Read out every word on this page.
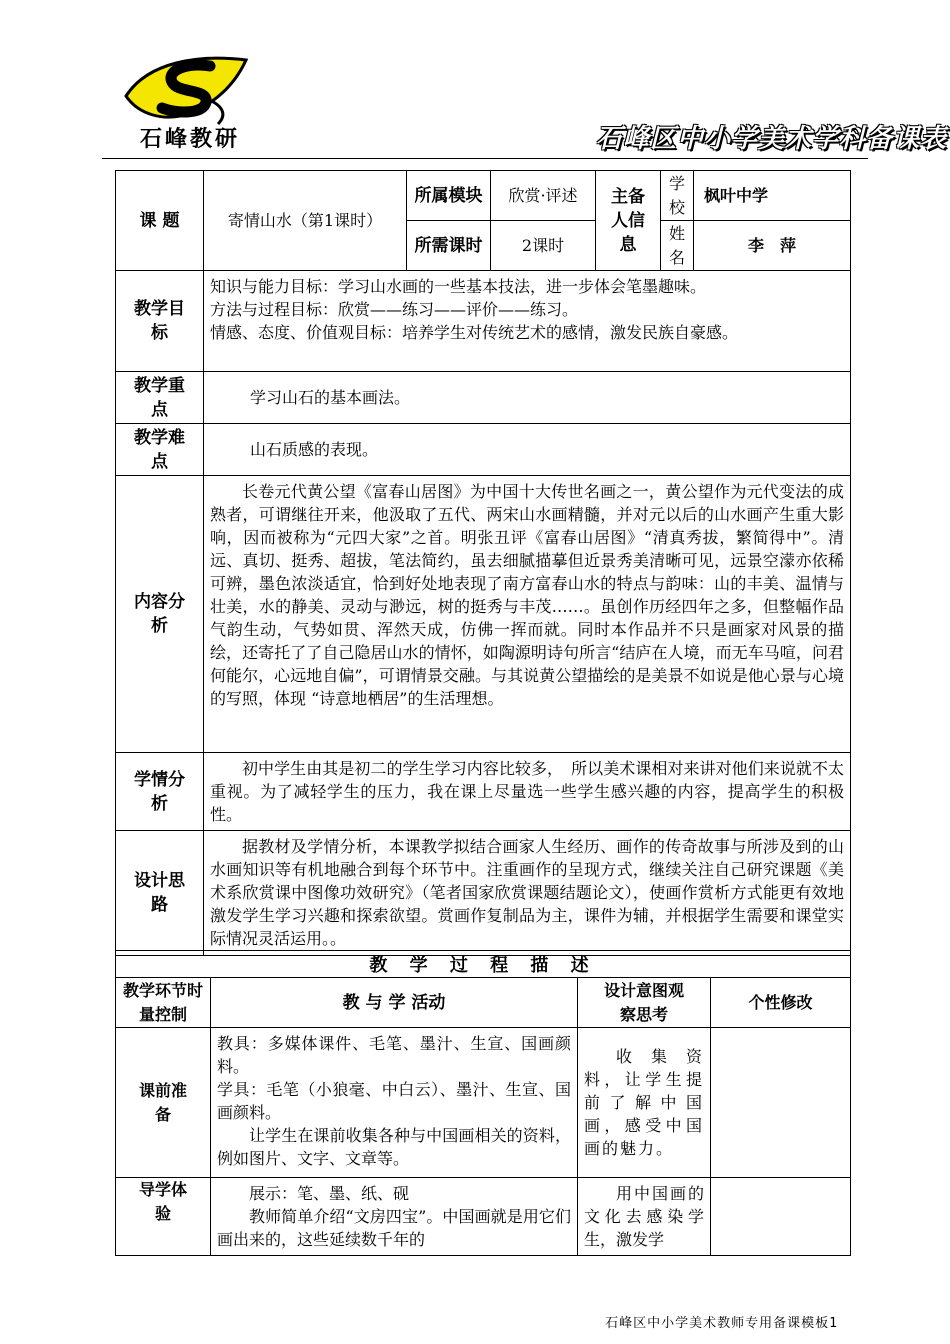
石峰教研	石峰区中小学美术学科备课表
课 题	寄情山水（第1课时）	所属模块	欣赏·评述	主备人信息	学校	枫叶中学
		所需课时	2课时		姓名	李　萍
教学目标	知识与能力目标：学习山水画的一些基本技法，进一步体会笔墨趣味。

方法与过程目标：欣赏——练习——评价——练习。

情感、态度、价值观目标：培养学生对传统艺术的感情，激发民族自豪感。					

教学重点	学习山石的基本画法。					
教学难点	山石质感的表现。					
内容分析	长卷元代黄公望《富春山居图》为中国十大传世名画之一，黄公望作为元代变法的成熟者，可谓继往开来，他汲取了五代、两宋山水画精髓，并对元以后的山水画产生重大影响，因而被称为“元四大家”之首。明张丑评《富春山居图》“清真秀拔，繁简得中”。清远、真切、挺秀、超拔，笔法简约，虽去细腻描摹但近景秀美清晰可见，远景空濛亦依稀可辨，墨色浓淡适宜，恰到好处地表现了南方富春山水的特点与韵味：山的丰美、温情与壮美，水的静美、灵动与渺远，树的挺秀与丰茂……。虽创作历经四年之多，但整幅作品气韵生动，气势如贯、浑然天成，仿佛一挥而就。同时本作品并不只是画家对风景的描绘，还寄托了了自己隐居山水的情怀，如陶源明诗句所言“结庐在人境，而无车马喧，问君何能尔，心远地自偏”，可谓情景交融。与其说黄公望描绘的是美景不如说是他心景与心境的写照，体现 “诗意地栖居”的生活理想。					
学情分析	初中学生由其是初二的学生学习内容比较多，　所以美术课相对来讲对他们来说就不太重视。为了减轻学生的压力，我在课上尽量选一些学生感兴趣的内容，提高学生的积极性。					
设计思路	据教材及学情分析，本课教学拟结合画家人生经历、画作的传奇故事与所涉及到的山水画知识等有机地融合到每个环节中。注重画作的呈现方式，继续关注自己研究课题《美术系欣赏课中图像功效研究》（笔者国家欣赏课题结题论文），使画作赏析方式能更有效地激发学生学习兴趣和探索欲望。赏画作复制品为主，课件为辅，并根据学生需要和课堂实际情况灵活运用。。					
教 学 过 程 描 述			
教学环节时量控制	教 与 学 活动	设计意图观察思考	个性修改
课前准备	教具：多媒体课件、毛笔、墨汁、生宣、国画颜料。

学具：毛笔（小狼毫、中白云）、墨汁、生宣、国画颜料。

让学生在课前收集各种与中国画相关的资料，例如图片、文字、文章等。	收集资料，让学生提前了解中国画，感受中国画的魅力。	
导学体验	展示：笔、墨、纸、砚

教师简单介绍“文房四宝”。中国画就是用它们画出来的，这些延续数千年的	用中国画的文化去感染学生，激发学	
石峰区中小学美术教师专用备课模板1
